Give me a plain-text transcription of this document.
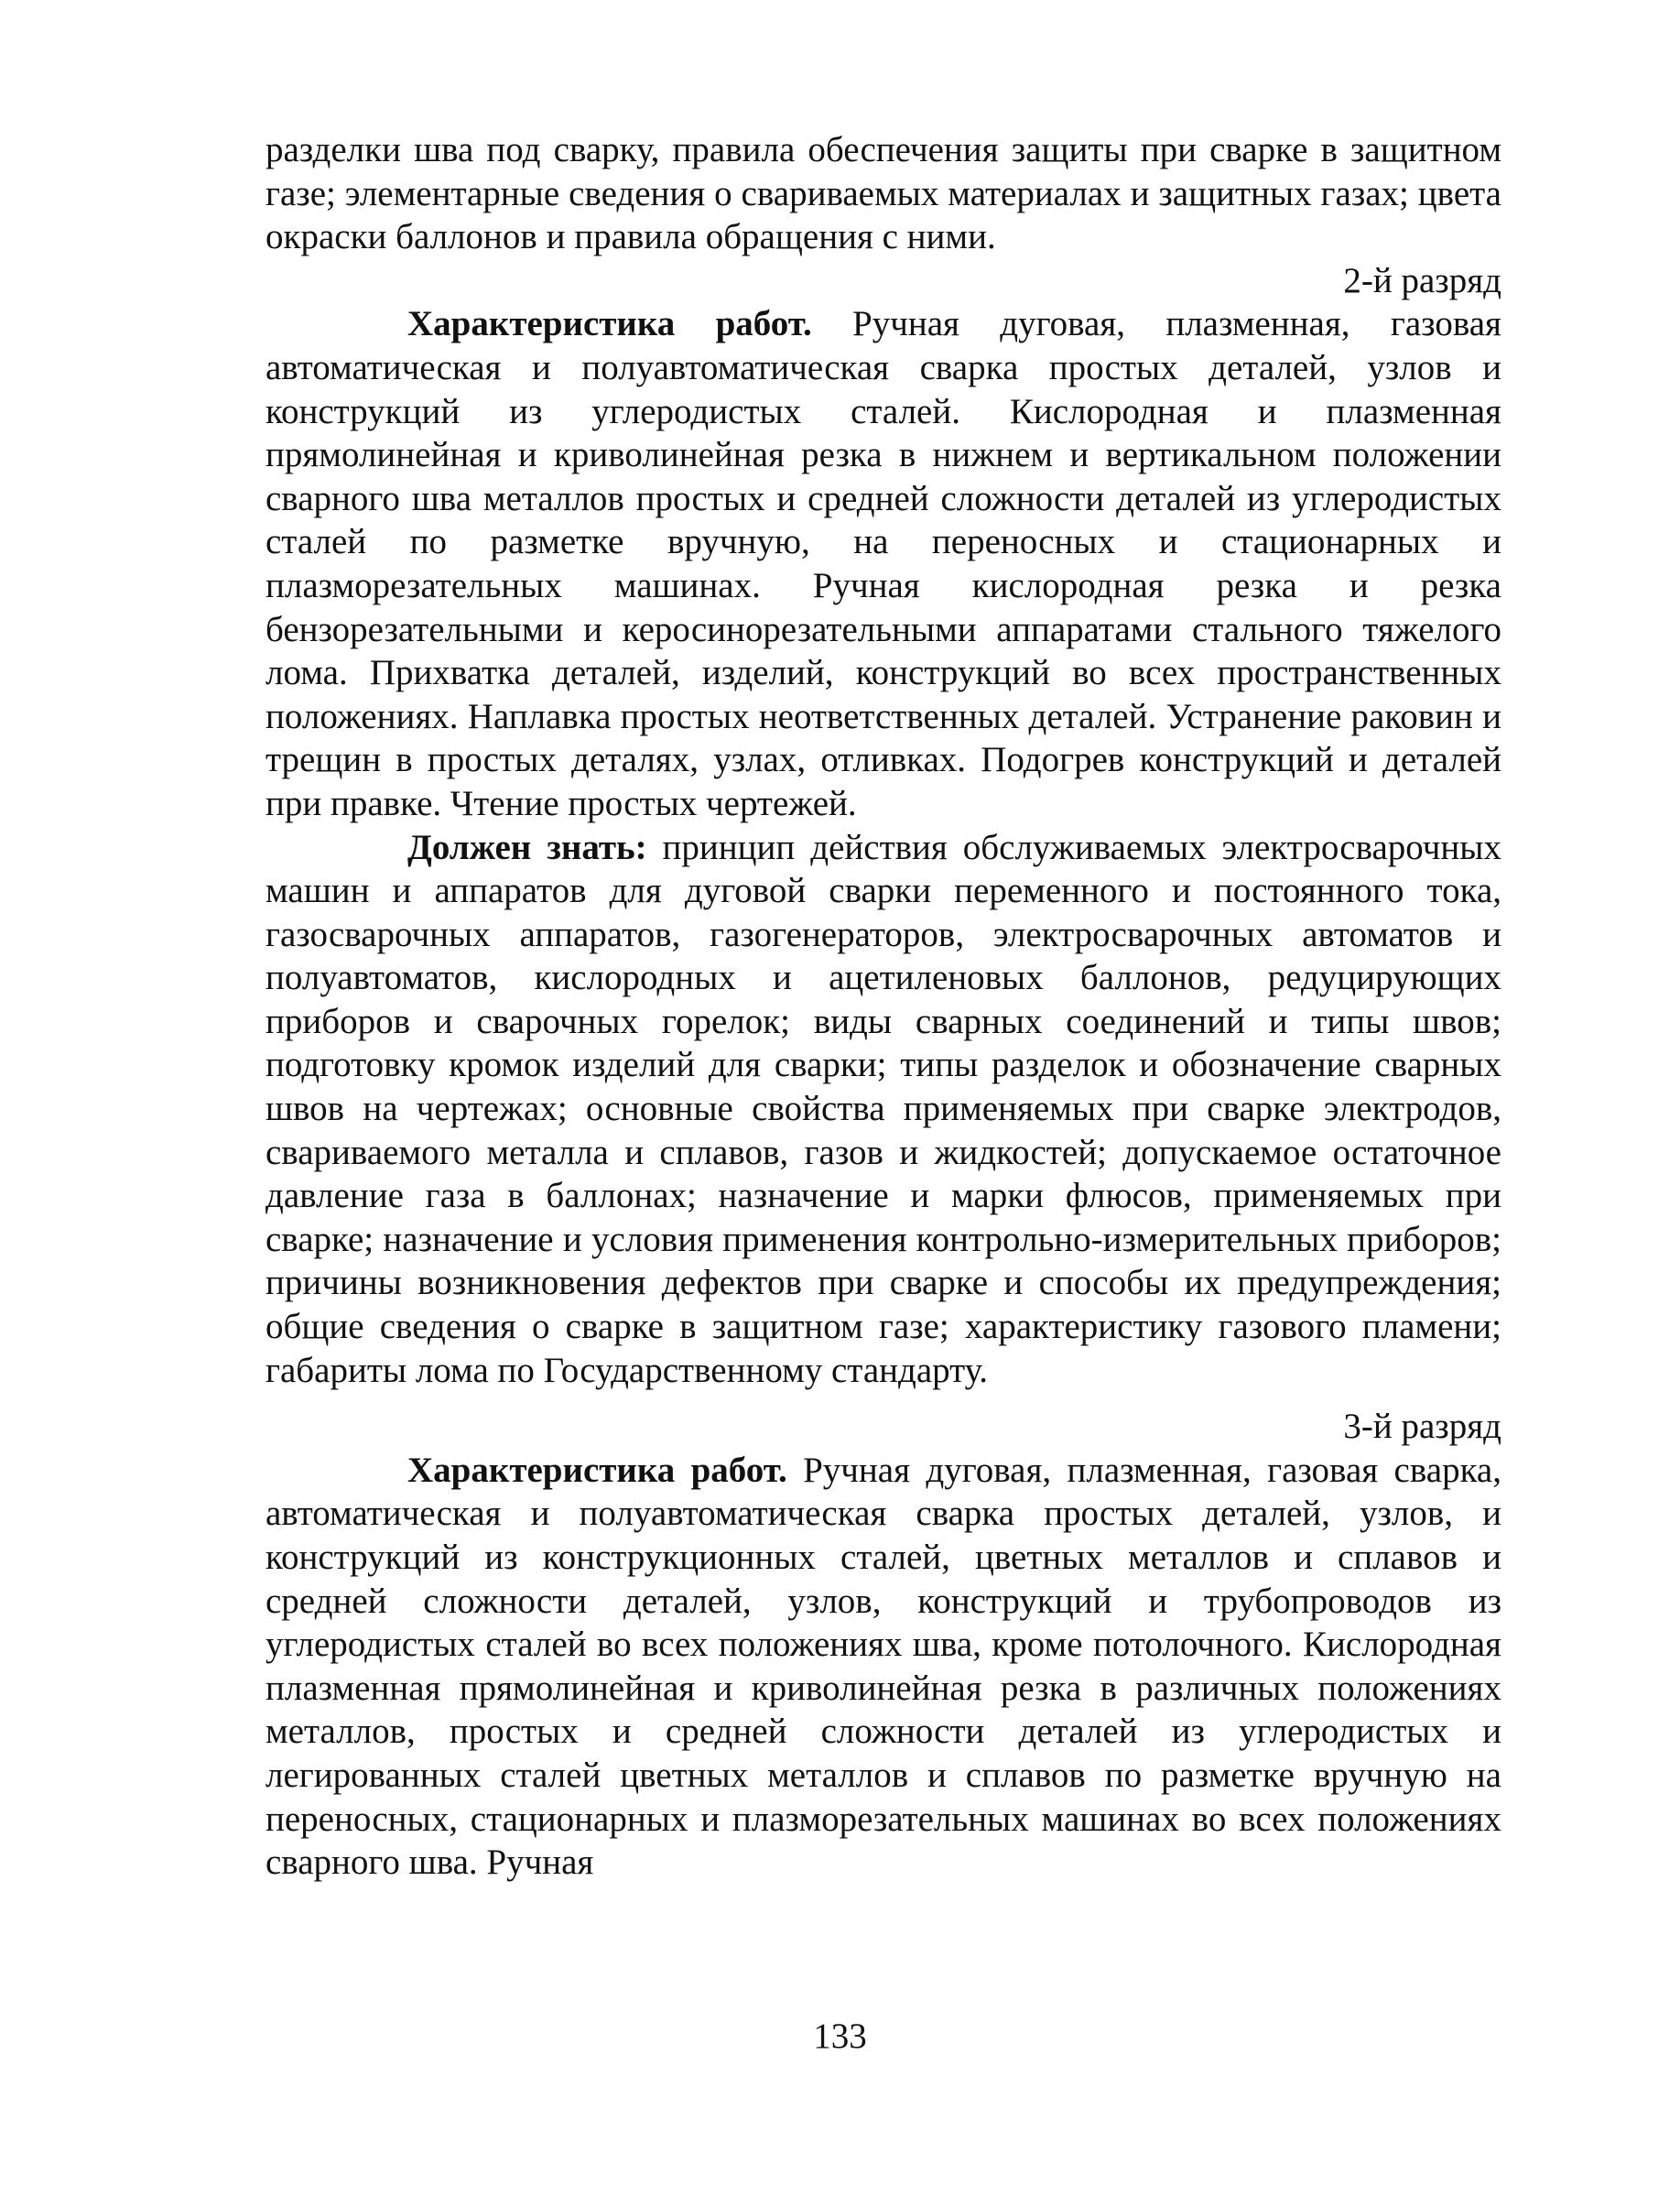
разделки шва под сварку, правила обеспечения защиты при сварке в защитном газе; элементарные сведения о свариваемых материалах и защитных газах; цвета окраски баллонов и правила обращения с ними.

2-й разряд

Характеристика работ. Ручная дуговая, плазменная, газовая автоматическая и полуавтоматическая сварка простых деталей, узлов и конструкций из углеродистых сталей. Кислородная и плазменная прямолинейная и криволинейная резка в нижнем и вертикальном положении сварного шва металлов простых и средней сложности деталей из углеродистых сталей по разметке вручную, на переносных и стационарных и плазморезательных машинах. Ручная кислородная резка и резка бензорезательными и керосинорезательными аппаратами стального тяжелого лома. Прихватка деталей, изделий, конструкций во всех пространственных положениях. Наплавка простых неответственных деталей. Устранение раковин и трещин в простых деталях, узлах, отливках. Подогрев конструкций и деталей при правке. Чтение простых чертежей.

Должен знать: принцип действия обслуживаемых электросварочных машин и аппаратов для дуговой сварки переменного и постоянного тока, газосварочных аппаратов, газогенераторов, электросварочных автоматов и полуавтоматов, кислородных и ацетиленовых баллонов, редуцирующих приборов и сварочных горелок; виды сварных соединений и типы швов; подготовку кромок изделий для сварки; типы разделок и обозначение сварных швов на чертежах; основные свойства применяемых при сварке электродов, свариваемого металла и сплавов, газов и жидкостей; допускаемое остаточное давление газа в баллонах; назначение и марки флюсов, применяемых при сварке; назначение и условия применения контрольно-измерительных приборов; причины возникновения дефектов при сварке и способы их предупреждения; общие сведения о сварке в защитном газе; характеристику газового пламени; габариты лома по Государственному стандарту.

3-й разряд

Характеристика работ. Ручная дуговая, плазменная, газовая сварка, автоматическая и полуавтоматическая сварка простых деталей, узлов, и конструкций из конструкционных сталей, цветных металлов и сплавов и средней сложности деталей, узлов, конструкций и трубопроводов из углеродистых сталей во всех положениях шва, кроме потолочного. Кислородная плазменная прямолинейная и криволинейная резка в различных положениях металлов, простых и средней сложности деталей из углеродистых и легированных сталей цветных металлов и сплавов по разметке вручную на переносных, стационарных и плазморезательных машинах во всех положениях сварного шва. Ручная

133
